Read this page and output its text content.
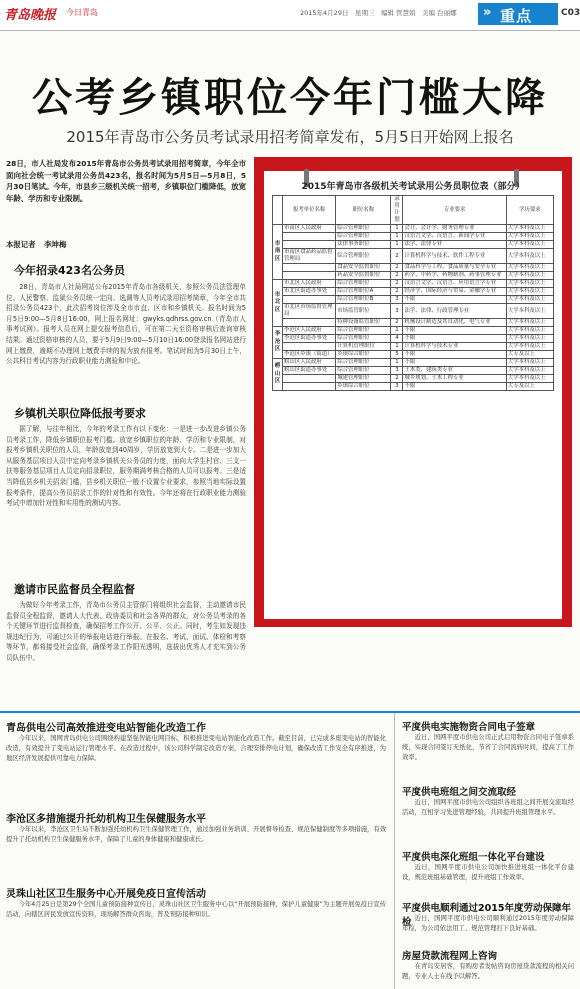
青岛晚报 今日青岛	2015年4月29日　星期三　编辑 管慧娟　美编 台丽娜 » 重点	C03
公考乡镇职位今年门槛大降
2015年青岛市公务员考试录用招考简章发布，5月5日开始网上报名
28日，市人社局发布2015年青岛市公务员考试录用招考简章，今年全市面向社会统一考试录用公务员423名，报名时间为5月5日—5月8日，5月30日笔试。今年，市县乡三级机关统一招考，乡镇职位门槛降低，放宽年龄、学历和专业限制。
本报记者 李坤梅
今年招录423名公务员

28日，青岛市人社局网站公布2015年青岛市各级机关、参照公务员法管理单位、人民警察、监狱公务员统一定向、选调等人员考试录用招考简章，今年全市共招录公务员423个，此次招考岗位涉及全市市直、区市和乡镇机关。报名时间为5月5日9:00—5月8日16:00，网上报名网址：gwyks.qdhrss.gov.cn（青岛市人事考试网）。报考人员在网上提交报考信息后，可在第二天至资格审核后查询审核结果。通过资格审核的人员，要于5月9日9:00—5月10日16:00登录报名网站进行网上缴费，逾期不办理网上缴费手续的视为放弃报考。笔试时间为5月30日上午，公共科目考试内容为行政职业能力测验和申论。

乡镇机关职位降低报考要求

据了解，与往年相比，今年的考录工作有以下变化：一是进一步改进乡镇公务员考录工作，降低乡镇职位报考门槛。放宽乡镇职位的年龄、学历和专业限制，对报考乡镇机关职位的人员，年龄放宽到40周岁，学历放宽到大专。二是进一步加大从服务基层项目人员中定向考录乡镇机关公务员的力度，面向大学生村官、三支一扶等服务基层项目人员定向招录职位，服务期满考核合格的人员可以报考。三是适当降低县乡机关招录门槛，县乡机关职位一般不设置专业要求，参照当地实际设置报考条件，提高公务员招录工作的针对性和有效性。今年还将在行政职业能力测验考试中增加针对性和实用性的测试内容。

邀请市民监督员全程监督

为做好今年考录工作，青岛市公务员主管部门将组织社会监督，主动邀请市民监督员全程监督，邀请人大代表、政协委员和社会各界的群众，对公务员考录的各个关键环节进行监督检查，确保招考工作公开、公平、公正。同时，考生如发现违规违纪行为，可通过公开的举报电话进行举报。在报名、考试、面试、体检和考察等环节，都将接受社会监督，确保考录工作阳光透明，选拔出优秀人才充实到公务员队伍中。

2015年青岛市各级机关考试录用公务员职位表（部分）
	报考单位名称	职位名称	录用计划	专业要求	学历要求
市南区	市南区人民政府	综合管理职位	1	会计、会计学、财务管理专业	大学本科及以上
		综合管理职位	1	汉语言文学、汉语言、新闻学专业	大学本科及以上
		法律事务职位	1	法学、法律专业	大学本科及以上
	市南区食品药品监督管理局	综合管理职位	2	计算机科学与技术、软件工程专业	大学本科及以上
		食品安全监督职位	2	食品科学与工程、食品质量与安全专业	大学本科及以上
		药品安全监督职位	2	药学、中药学、药物制剂、药事管理专业	大学本科及以上
市北区	市北区人民政府	综合管理职位	2	汉语言文学、汉语言、应用语言学专业	大学本科及以上
	市北区街道办事处	综合管理职位A	2	经济学、国际经济与贸易、金融学专业	大学本科及以上
		综合管理职位B	3	不限	大学本科及以上
	市北区市场监督管理局	市场监管职位	3	法学、法律、行政管理专业	大学本科及以上
		特种设备监管职位	2	机械设计制造及其自动化、电气专业	大学本科及以上
李沧区	李沧区人民政府	综合管理职位	1	不限	大学本科及以上
	李沧区街道办事处	综合管理职位	4	不限	大学本科及以上
		计算机管理职位	1	计算机科学与技术专业	大学本科及以上
	李沧区乡镇（街道）	乡镇综合职位	5	不限	大专及以上
崂山区	崂山区人民政府	综合管理职位	1	不限	大学本科及以上
	崂山区街道办事处	综合管理职位	3	土木类、建筑类专业	大学本科及以上
		城建管理职位	2	城乡规划、土木工程专业	大学本科及以上
		乡镇综合职位	3	不限	大专及以上
青岛供电公司高效推进变电站智能化改造工作

今年以来，国网青岛供电公司围绕构建坚强智能电网目标，积极推进变电站智能化改造工作。截至目前，已完成多座变电站的智能化改造，有效提升了变电站运行管理水平。在改造过程中，该公司科学制定改造方案，合理安排停电计划，确保改造工作安全有序推进，为地区经济发展提供可靠电力保障。

李沧区多措施提升托幼机构卫生保健服务水平

今年以来，李沧区卫生局不断加强托幼机构卫生保健管理工作，通过加强业务培训、开展督导检查、规范保健制度等多项措施，有效提升了托幼机构卫生保健服务水平，保障了儿童的身体健康和健康成长。

灵珠山社区卫生服务中心开展免疫日宣传活动

今年4月25日是第29个全国儿童预防接种宣传日，灵珠山社区卫生服务中心以“开展预防接种，保护儿童健康”为主题开展免疫日宣传活动，向辖区居民发放宣传资料，现场解答群众咨询，普及预防接种知识。

平度供电实施物资合同电子签章

近日，国网平度市供电公司正式启用物资合同电子签章系统，实现合同签订无纸化，节省了合同流转时间，提高了工作效率。

平度供电班组之间交流取经

近日，国网平度市供电公司组织各班组之间开展交流取经活动，互相学习先进管理经验，共同提升班组管理水平。

平度供电深化班组一体化平台建设

近日，国网平度市供电公司加快推进班组一体化平台建设，规范班组基础管理，提升班组工作效率。

平度供电顺利通过2015年度劳动保障年检 近日，国网平度市供电公司顺利通过2015年度劳动保障年检，为公司依法用工、规范管理打下良好基础。

房屋贷款流程网上咨询

在青岛安居客，有购房者发帖咨询房屋贷款流程的相关问题，专业人士在线予以解答。
